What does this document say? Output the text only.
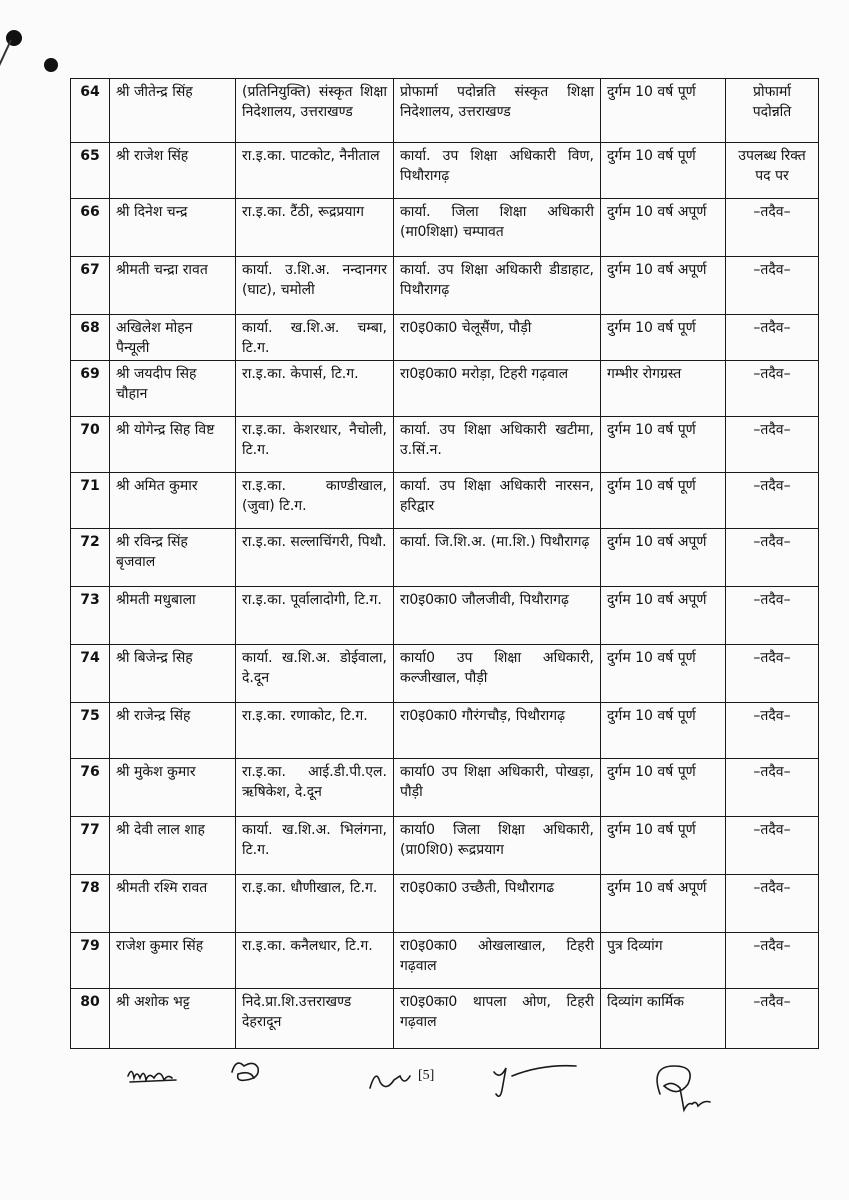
64	श्री जीतेन्द्र सिंह	(प्रतिनियुक्ति) संस्कृत शिक्षा निदेशालय, उत्तराखण्ड	प्रोफार्मा पदोन्नति संस्कृत शिक्षा निदेशालय, उत्तराखण्ड	दुर्गम 10 वर्ष पूर्ण	प्रोफार्मा पदोन्नति
65	श्री राजेश सिंह	रा.इ.का. पाटकोट, नैनीताल	कार्या. उप शिक्षा अधिकारी विण, पिथौरागढ़	दुर्गम 10 वर्ष पूर्ण	उपलब्ध रिक्त पद पर
66	श्री दिनेश चन्द्र	रा.इ.का. टैंठी, रूद्रप्रयाग	कार्या. जिला शिक्षा अधिकारी (मा0शिक्षा) चम्पावत	दुर्गम 10 वर्ष अपूर्ण	–तदैव–
67	श्रीमती चन्द्रा रावत	कार्या. उ.शि.अ. नन्दानगर (घाट), चमोली	कार्या. उप शिक्षा अधिकारी डीडाहाट, पिथौरागढ़	दुर्गम 10 वर्ष अपूर्ण	–तदैव–
68	अखिलेश मोहन पैन्यूली	कार्या. ख.शि.अ. चम्बा, टि.ग.	रा0इ0का0 चेलूसैंण, पौड़ी	दुर्गम 10 वर्ष पूर्ण	–तदैव–
69	श्री जयदीप सिह चौहान	रा.इ.का. केपार्स, टि.ग.	रा0इ0का0 मरोड़ा, टिहरी गढ़वाल	गम्भीर रोगग्रस्त	–तदैव–
70	श्री योगेन्द्र सिह विष्ट	रा.इ.का. केशरधार, नैचोली, टि.ग.	कार्या. उप शिक्षा अधिकारी खटीमा, उ.सिं.न.	दुर्गम 10 वर्ष पूर्ण	–तदैव–
71	श्री अमित कुमार	रा.इ.का. काण्डीखाल, (जुवा) टि.ग.	कार्या. उप शिक्षा अधिकारी नारसन, हरिद्वार	दुर्गम 10 वर्ष पूर्ण	–तदैव–
72	श्री रविन्द्र सिंह बृजवाल	रा.इ.का. सल्लाचिंगरी, पिथौ.	कार्या. जि.शि.अ. (मा.शि.) पिथौरागढ़	दुर्गम 10 वर्ष अपूर्ण	–तदैव–
73	श्रीमती मधुबाला	रा.इ.का. पूर्वालादोगी, टि.ग.	रा0इ0का0 जौलजीवी, पिथौरागढ़	दुर्गम 10 वर्ष अपूर्ण	–तदैव–
74	श्री बिजेन्द्र सिह	कार्या. ख.शि.अ. डोईवाला, दे.दून	कार्या0 उप शिक्षा अधिकारी, कल्जीखाल, पौड़ी	दुर्गम 10 वर्ष पूर्ण	–तदैव–
75	श्री राजेन्द्र सिंह	रा.इ.का. रणाकोट, टि.ग.	रा0इ0का0 गौरंगचौड़, पिथौरागढ़	दुर्गम 10 वर्ष पूर्ण	–तदैव–
76	श्री मुकेश कुमार	रा.इ.का. आई.डी.पी.एल. ऋषिकेश, दे.दून	कार्या0 उप शिक्षा अधिकारी, पोखड़ा, पौड़ी	दुर्गम 10 वर्ष पूर्ण	–तदैव–
77	श्री देवी लाल शाह	कार्या. ख.शि.अ. भिलंगना, टि.ग.	कार्या0 जिला शिक्षा अधिकारी, (प्रा0शि0) रूद्रप्रयाग	दुर्गम 10 वर्ष पूर्ण	–तदैव–
78	श्रीमती रश्मि रावत	रा.इ.का. धौणीखाल, टि.ग.	रा0इ0का0 उच्छैती, पिथौरागढ	दुर्गम 10 वर्ष अपूर्ण	–तदैव–
79	राजेश कुमार सिंह	रा.इ.का. कनैलधार, टि.ग.	रा0इ0का0 ओखलाखाल, टिहरी गढ़वाल	पुत्र दिव्यांग	–तदैव–
80	श्री अशोक भट्ट	निदे.प्रा.शि.उत्तराखण्ड देहरादून	रा0इ0का0 थापला ओण, टिहरी गढ़वाल	दिव्यांग कार्मिक	–तदैव–
[5]
